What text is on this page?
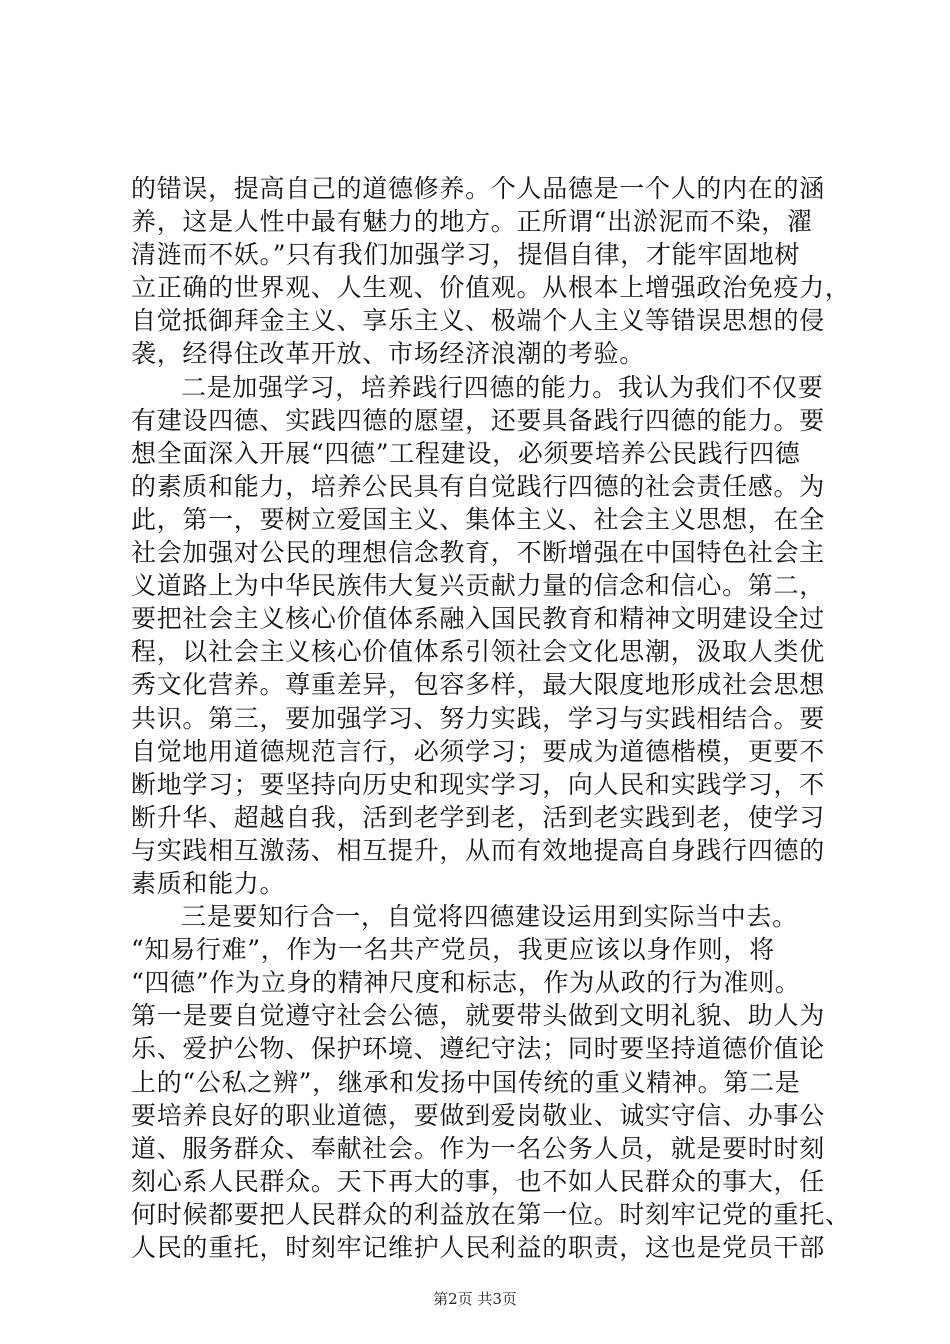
的错误，提高自己的道德修养。个人品德是一个人的内在的涵
养，这是人性中最有魅力的地方。正所谓“出淤泥而不染，濯
清涟而不妖。”只有我们加强学习，提倡自律，才能牢固地树
立正确的世界观、人生观、价值观。从根本上增强政治免疫力，
自觉抵御拜金主义、享乐主义、极端个人主义等错误思想的侵
袭，经得住改革开放、市场经济浪潮的考验。
二是加强学习，培养践行四德的能力。我认为我们不仅要
有建设四德、实践四德的愿望，还要具备践行四德的能力。要
想全面深入开展“四德”工程建设，必须要培养公民践行四德
的素质和能力，培养公民具有自觉践行四德的社会责任感。为
此，第一，要树立爱国主义、集体主义、社会主义思想，在全
社会加强对公民的理想信念教育，不断增强在中国特色社会主
义道路上为中华民族伟大复兴贡献力量的信念和信心。第二，
要把社会主义核心价值体系融入国民教育和精神文明建设全过
程，以社会主义核心价值体系引领社会文化思潮，汲取人类优
秀文化营养。尊重差异，包容多样，最大限度地形成社会思想
共识。第三，要加强学习、努力实践，学习与实践相结合。要
自觉地用道德规范言行，必须学习；要成为道德楷模，更要不
断地学习；要坚持向历史和现实学习，向人民和实践学习，不
断升华、超越自我，活到老学到老，活到老实践到老，使学习
与实践相互激荡、相互提升，从而有效地提高自身践行四德的
素质和能力。
三是要知行合一，自觉将四德建设运用到实际当中去。
“知易行难”，作为一名共产党员，我更应该以身作则，将
“四德”作为立身的精神尺度和标志，作为从政的行为准则。
第一是要自觉遵守社会公德，就要带头做到文明礼貌、助人为
乐、爱护公物、保护环境、遵纪守法；同时要坚持道德价值论
上的“公私之辨”，继承和发扬中国传统的重义精神。第二是
要培养良好的职业道德，要做到爱岗敬业、诚实守信、办事公
道、服务群众、奉献社会。作为一名公务人员，就是要时时刻
刻心系人民群众。天下再大的事，也不如人民群众的事大，任
何时候都要把人民群众的利益放在第一位。时刻牢记党的重托、
人民的重托，时刻牢记维护人民利益的职责，这也是党员干部
第2页 共3页
